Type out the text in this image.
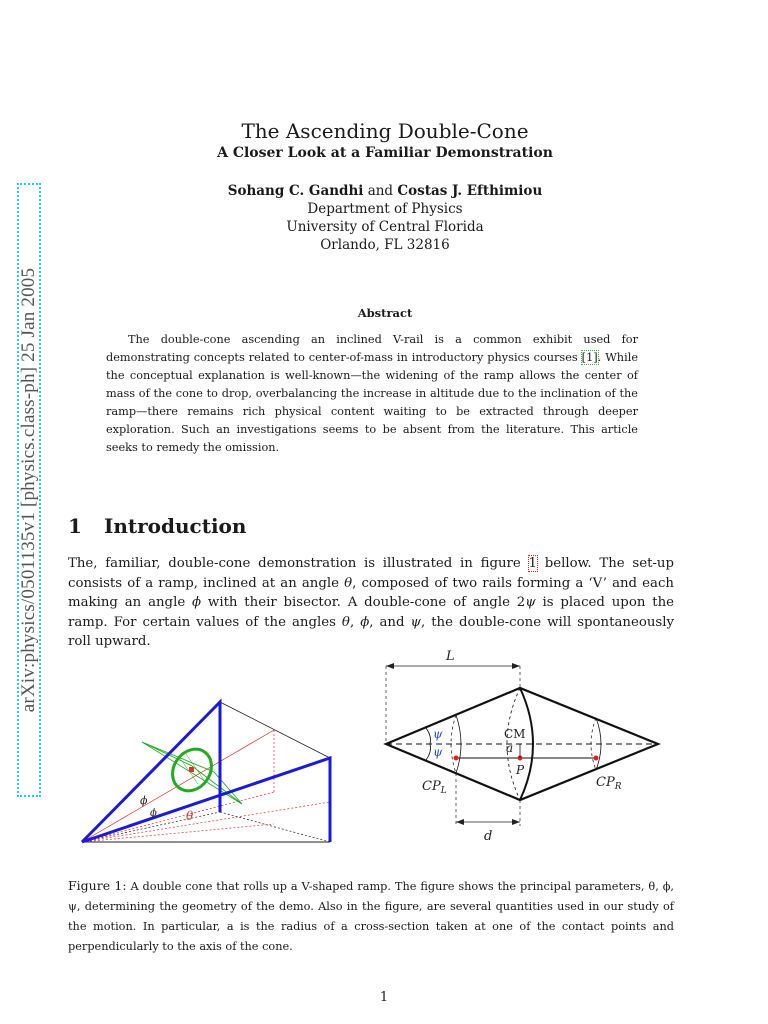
arXiv:physics/0501135v1 [physics.class-ph] 25 Jan 2005
The Ascending Double-Cone
A Closer Look at a Familiar Demonstration
Sohang C. Gandhi and Costas J. Efthimiou
Department of Physics
University of Central Florida
Orlando, FL 32816
Abstract

The double-cone ascending an inclined V-rail is a common exhibit used for demonstrating concepts related to center-of-mass in introductory physics courses [1]. While the conceptual explanation is well-known—the widening of the ramp allows the center of mass of the cone to drop, overbalancing the increase in altitude due to the inclination of the ramp—there remains rich physical content waiting to be extracted through deeper exploration. Such an investigations seems to be absent from the literature. This article seeks to remedy the omission.

1 Introduction

The, familiar, double-cone demonstration is illustrated in figure 1 bellow. The set-up consists of a ramp, inclined at an angle θ, composed of two rails forming a ‘V’ and each making an angle ϕ with their bisector. A double-cone of angle 2ψ is placed upon the ramp. For certain values of the angles θ, ϕ, and ψ, the double-cone will spontaneously roll upward.

ϕ
ϕ θ
L
ψ
ψ
CM
a
P
$CP_L$
$CP_R$
d
Figure 1: A double cone that rolls up a V-shaped ramp. The figure shows the principal parameters, θ, ϕ, ψ, determining the geometry of the demo. Also in the figure, are several quantities used in our study of the motion. In particular, a is the radius of a cross-section taken at one of the contact points and perpendicularly to the axis of the cone.
1
